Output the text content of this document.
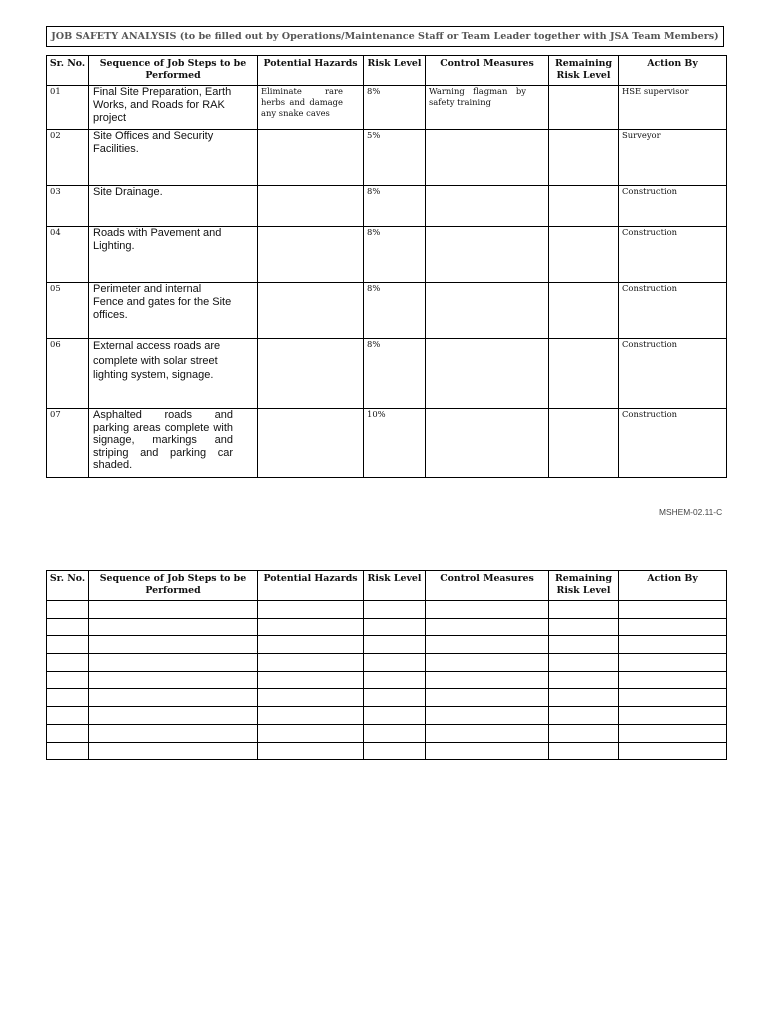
JOB SAFETY ANALYSIS (to be filled out by Operations/Maintenance Staff or Team Leader together with JSA Team Members)
Sr. No.	Sequence of Job Steps to be Performed	Potential Hazards	Risk Level	Control Measures	Remaining Risk Level	Action By
01	Final Site Preparation, Earth Works, and Roads for RAK project	Eliminate rare herbs and damage any snake caves	8%	Warning flagman by safety training		HSE supervisor
02	Site Offices and Security Facilities.		5%			Surveyor
03	Site Drainage.		8%			Construction
04	Roads with Pavement and Lighting.		8%			Construction
05	Perimeter and internal Fence and gates for the Site offices.		8%			Construction
06	External access roads are complete with solar street lighting system, signage.		8%			Construction
07	Asphalted roads and parking areas complete with signage, markings and striping and parking car shaded.		10%			Construction
MSHEM-02.11-C
Sr. No.	Sequence of Job Steps to be Performed	Potential Hazards	Risk Level	Control Measures	Remaining Risk Level	Action By
